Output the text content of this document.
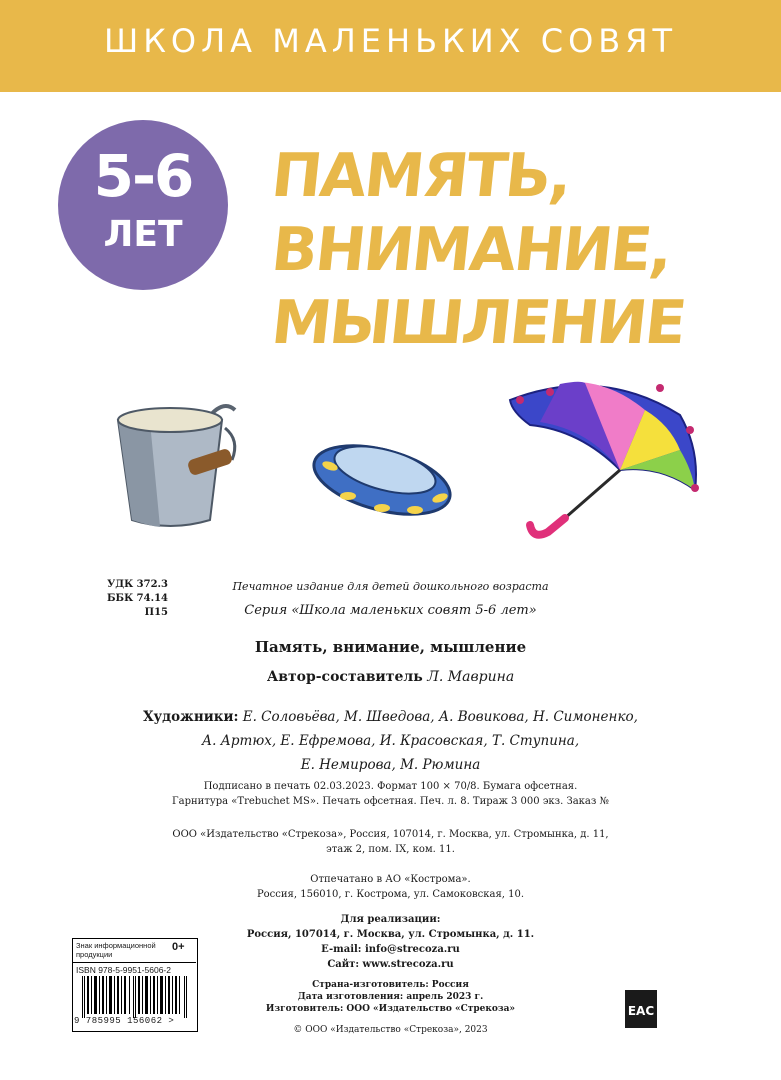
ШКОЛА МАЛЕНЬКИХ СОВЯТ
5-6
ЛЕТ
ПАМЯТЬ,
ВНИМАНИЕ,
МЫШЛЕНИЕ
УДК 372.3
ББК 74.14
П15
Печатное издание для детей дошкольного возраста
Серия «Школа маленьких совят 5-6 лет»
Память, внимание, мышление
Автор-составитель Л. Маврина
Художники: Е. Соловьёва, М. Шведова, А. Вовикова, Н. Симоненко,
А. Артюх, Е. Ефремова, И. Красовская, Т. Ступина,
Е. Немирова, М. Рюмина
Подписано в печать 02.03.2023. Формат 100 × 70/8. Бумага офсетная.
Гарнитура «Trebuchet MS». Печать офсетная. Печ. л. 8. Тираж 3 000 экз. Заказ №
ООО «Издательство «Стрекоза», Россия, 107014, г. Москва, ул. Стромынка, д. 11,
этаж 2, пом. IX, ком. 11.
Отпечатано в АО «Кострома».
Россия, 156010, г. Кострома, ул. Самоковская, 10.
Для реализации:
Россия, 107014, г. Москва, ул. Стромынка, д. 11.
E-mail: info@strecoza.ru
Сайт: www.strecoza.ru
Страна-изготовитель: Россия
Дата изготовления: апрель 2023 г.
Изготовитель: ООО «Издательство «Стрекоза»
© ООО «Издательство «Стрекоза», 2023
Знак информационной продукции
0+
ISBN 978-5-9951-5606-2
9 785995 156062 >
EAC
